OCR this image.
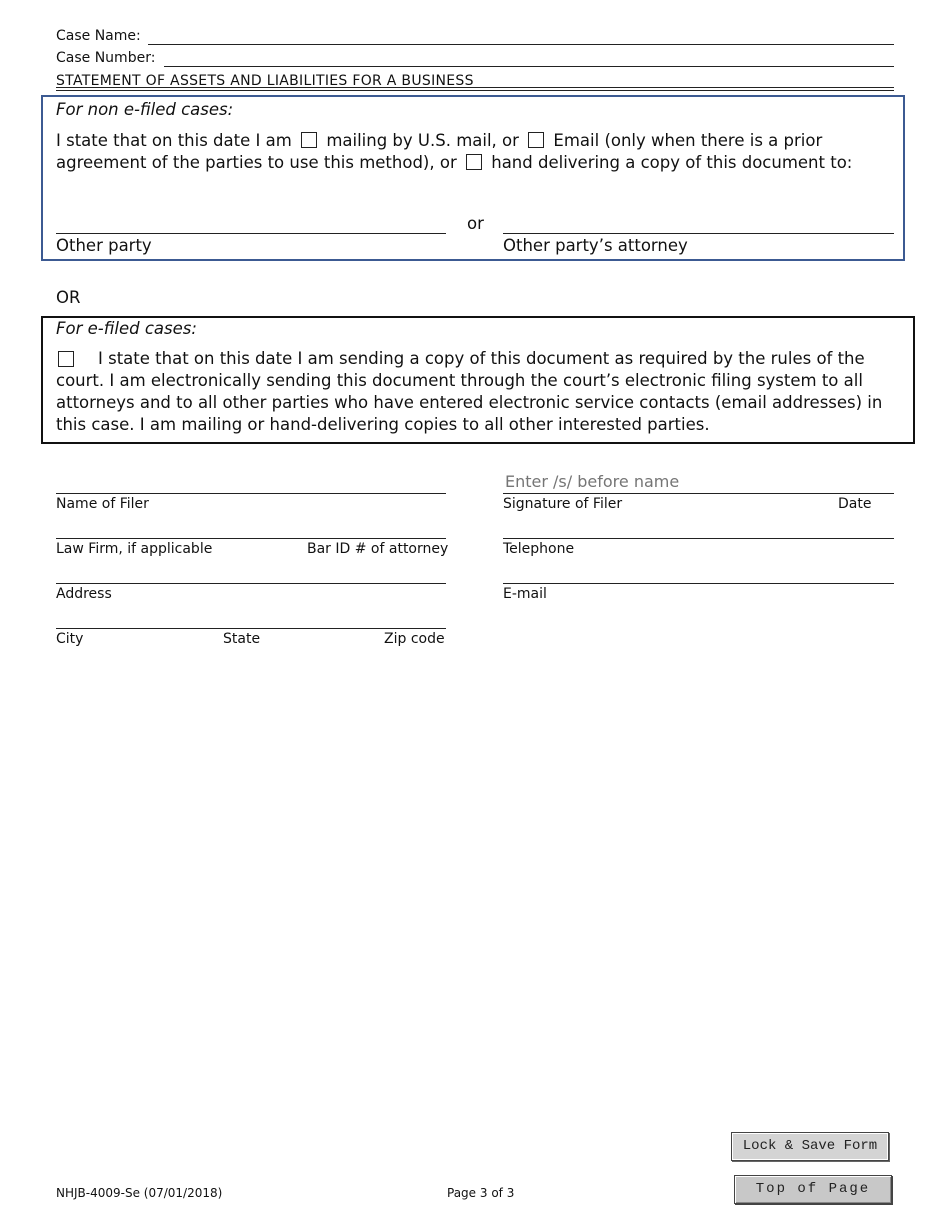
Case Name:
Case Number:
STATEMENT OF ASSETS AND LIABILITIES FOR A BUSINESS
For non e-filed cases:
I state that on this date I am mailing by U.S. mail, or Email (only when there is a prior
agreement of the parties to use this method), or hand delivering a copy of this document to:
or
Other party	Other party’s attorney
OR
For e-filed cases:
I state that on this date I am sending a copy of this document as required by the rules of the
court. I am electronically sending this document through the court’s electronic filing system to all
attorneys and to all other parties who have entered electronic service contacts (email addresses) in
this case. I am mailing or hand-delivering copies to all other interested parties.
Enter /s/ before name
Name of Filer	Signature of Filer	Date
Law Firm, if applicable	Bar ID # of attorney	Telephone
Address	E-mail
City	State	Zip code
Lock & Save Form
Top of Page
NHJB-4009-Se (07/01/2018)	Page 3 of 3
